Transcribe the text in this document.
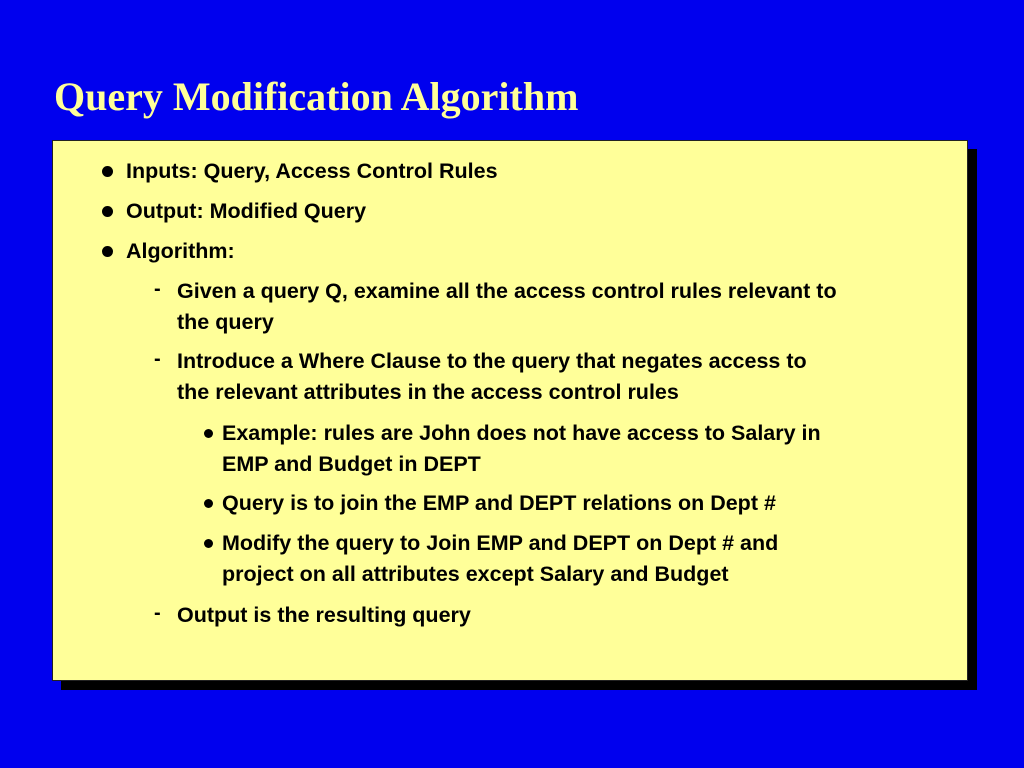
Query Modification Algorithm

Inputs: Query, Access Control Rules

Output: Modified Query

Algorithm:

- Given a query Q, examine all the access control rules relevant to

the query

- Introduce a Where Clause to the query that negates access to

the relevant attributes in the access control rules

Example: rules are John does not have access to Salary in

EMP and Budget in DEPT

Query is to join the EMP and DEPT relations on Dept #

Modify the query to Join EMP and DEPT on Dept # and

project on all attributes except Salary and Budget

- Output is the resulting query
